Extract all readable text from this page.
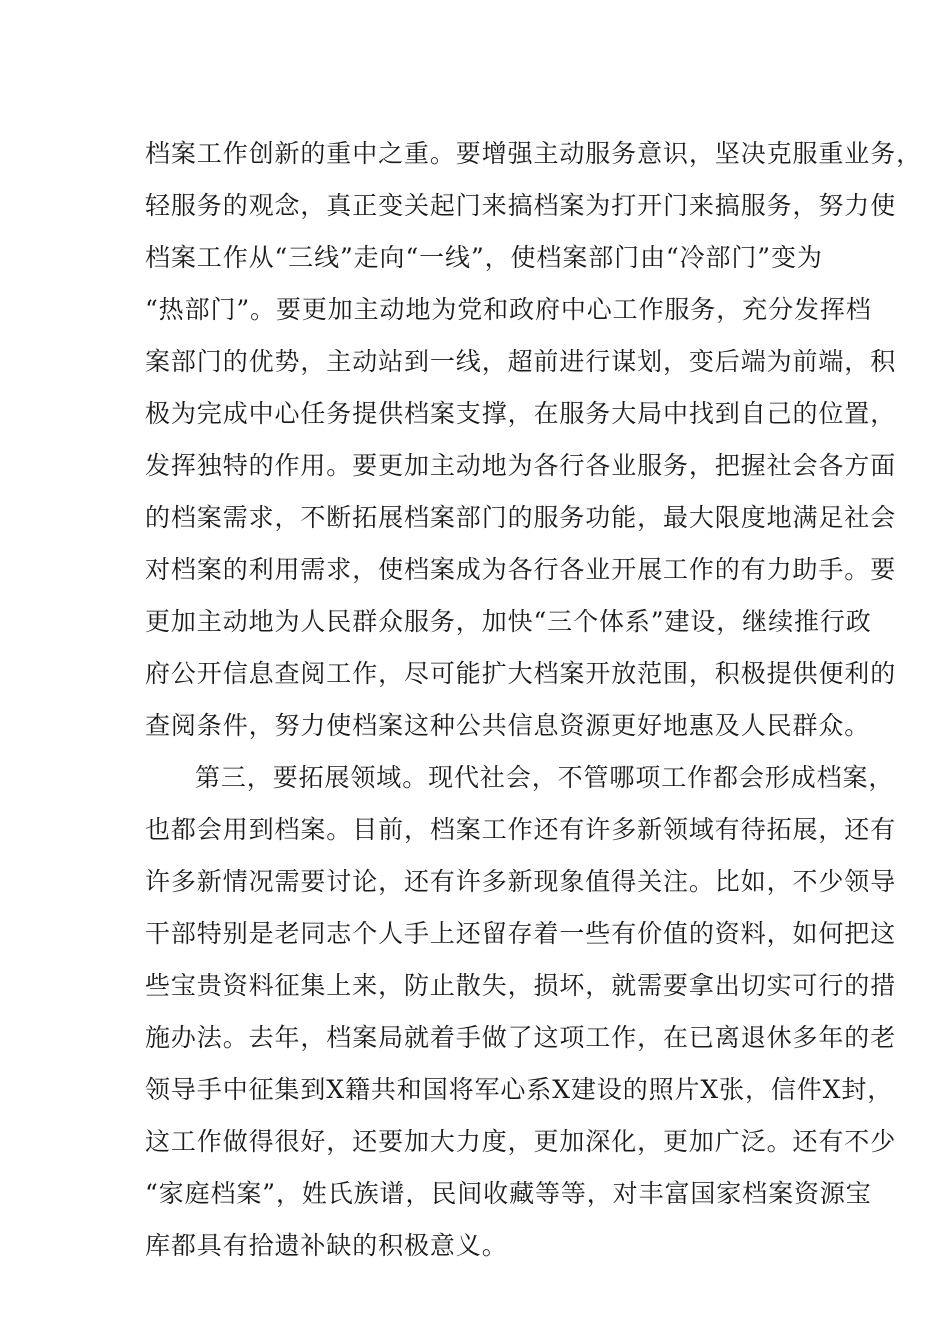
档案工作创新的重中之重。要增强主动服务意识，坚决克服重业务，
轻服务的观念，真正变关起门来搞档案为打开门来搞服务，努力使
档案工作从“三线”走向“一线”，使档案部门由“冷部门”变为
“热部门”。要更加主动地为党和政府中心工作服务，充分发挥档
案部门的优势，主动站到一线，超前进行谋划，变后端为前端，积
极为完成中心任务提供档案支撑，在服务大局中找到自己的位置，
发挥独特的作用。要更加主动地为各行各业服务，把握社会各方面
的档案需求，不断拓展档案部门的服务功能，最大限度地满足社会
对档案的利用需求，使档案成为各行各业开展工作的有力助手。要
更加主动地为人民群众服务，加快“三个体系”建设，继续推行政
府公开信息查阅工作，尽可能扩大档案开放范围，积极提供便利的
查阅条件，努力使档案这种公共信息资源更好地惠及人民群众。
第三，要拓展领域。现代社会，不管哪项工作都会形成档案，
也都会用到档案。目前，档案工作还有许多新领域有待拓展，还有
许多新情况需要讨论，还有许多新现象值得关注。比如，不少领导
干部特别是老同志个人手上还留存着一些有价值的资料，如何把这
些宝贵资料征集上来，防止散失，损坏，就需要拿出切实可行的措
施办法。去年，档案局就着手做了这项工作，在已离退休多年的老
领导手中征集到X籍共和国将军心系X建设的照片X张，信件X封，
这工作做得很好，还要加大力度，更加深化，更加广泛。还有不少
“家庭档案”，姓氏族谱，民间收藏等等，对丰富国家档案资源宝
库都具有拾遗补缺的积极意义。
